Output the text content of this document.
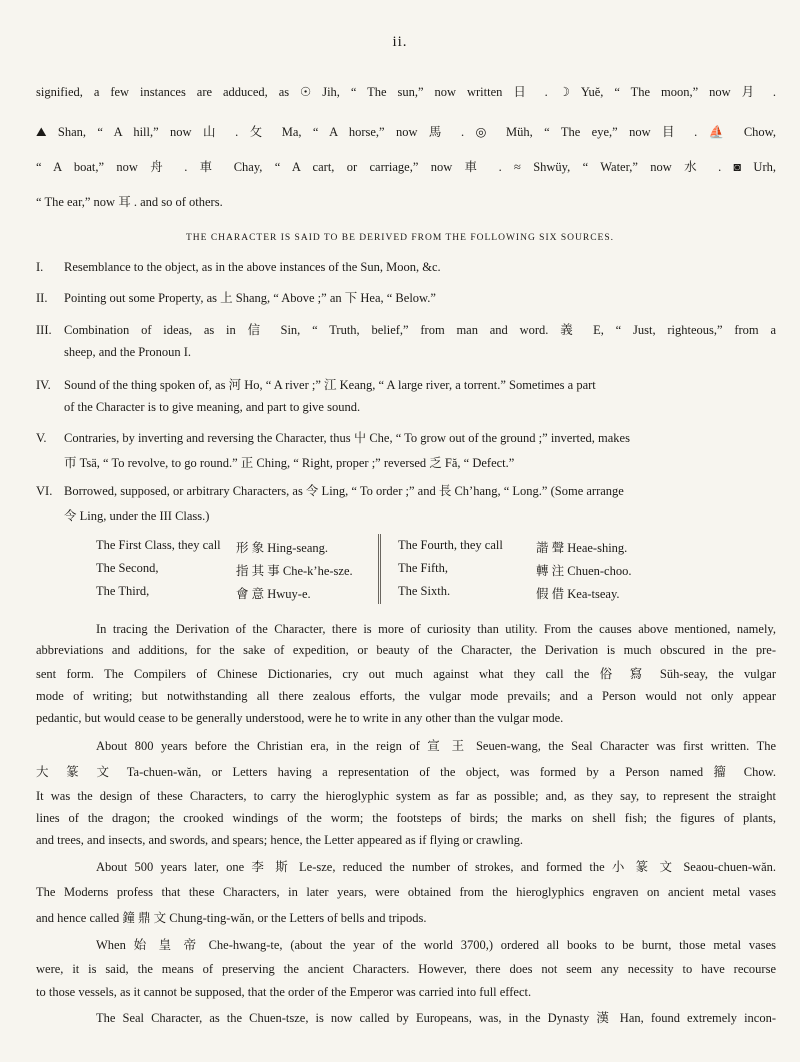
ii.
signified, a few instances are adduced, as ☉ Jih, “ The sun,” now written 日 . ☽ Yuĕ, “ The moon,” now 月 .
⛰ Shan, “ A hill,” now 山 . ⺙ Ma, “ A horse,” now 馬 . ◎ Müh, “ The eye,” now 目 . ⛵ Chow,
“ A boat,” now 舟 . 車 Chay, “ A cart, or carriage,” now 車 . ≈ Shwüy, “ Water,” now 水 . ◙ Urh,
“ The ear,” now 耳 . and so of others.
THE CHARACTER IS SAID TO BE DERIVED FROM THE FOLLOWING SIX SOURCES.
I. Resemblance to the object, as in the above instances of the Sun, Moon, &c.
II. Pointing out some Property, as 上 Shang, “ Above ;” an 下 Hea, “ Below.”
III. Combination of ideas, as in 信 Sin, “ Truth, belief,” from man and word. 義 E, “ Just, righteous,” from a
sheep, and the Pronoun I.
IV. Sound of the thing spoken of, as 河 Ho, “ A river ;” 江 Keang, “ A large river, a torrent.” Sometimes a part
of the Character is to give meaning, and part to give sound.
V. Contraries, by inverting and reversing the Character, thus 屮 Che, “ To grow out of the ground ;” inverted, makes
帀 Tsä, “ To revolve, to go round.” 正 Ching, “ Right, proper ;” reversed 乏 Fă, “ Defect.”
VI. Borrowed, supposed, or arbitrary Characters, as 令 Ling, “ To order ;” and 長 Ch’hang, “ Long.” (Some arrange
令 Ling, under the III Class.)
The First Class, they call 形 象 Hing-seang.
The Second,	指 其 事 Che-k’he-sze.
The Third,	會 意 Hwuy-e.
The Fourth, they call	諧 聲 Heae-shing.
The Fifth,	轉 注 Chuen-choo.
The Sixth.	假 借 Kea-tseay.
In tracing the Derivation of the Character, there is more of curiosity than utility. From the causes above mentioned, namely,
abbreviations and additions, for the sake of expedition, or beauty of the Character, the Derivation is much obscured in the pre-
sent form. The Compilers of Chinese Dictionaries, cry out much against what they call the 俗 寫 Süh-seay, the vulgar
mode of writing; but notwithstanding all there zealous efforts, the vulgar mode prevails; and a Person would not only appear
pedantic, but would cease to be generally understood, were he to write in any other than the vulgar mode.
About 800 years before the Christian era, in the reign of 宣 王 Seuen-wang, the Seal Character was first written. The
大 篆 文 Ta-chuen-wăn, or Letters having a representation of the object, was formed by a Person named 籀 Chow.
It was the design of these Characters, to carry the hieroglyphic system as far as possible; and, as they say, to represent the straight
lines of the dragon; the crooked windings of the worm; the footsteps of birds; the marks on shell fish; the figures of plants,
and trees, and insects, and swords, and spears; hence, the Letter appeared as if flying or crawling.
About 500 years later, one 李 斯 Le-sze, reduced the number of strokes, and formed the 小 篆 文 Seaou-chuen-wăn.
The Moderns profess that these Characters, in later years, were obtained from the hieroglyphics engraven on ancient metal vases
and hence called 鐘 鼎 文 Chung-ting-wăn, or the Letters of bells and tripods.
When 始 皇 帝 Che-hwang-te, (about the year of the world 3700,) ordered all books to be burnt, those metal vases
were, it is said, the means of preserving the ancient Characters. However, there does not seem any necessity to have recourse
to those vessels, as it cannot be supposed, that the order of the Emperor was carried into full effect.
The Seal Character, as the Chuen-tsze, is now called by Europeans, was, in the Dynasty 漢 Han, found extremely incon-
